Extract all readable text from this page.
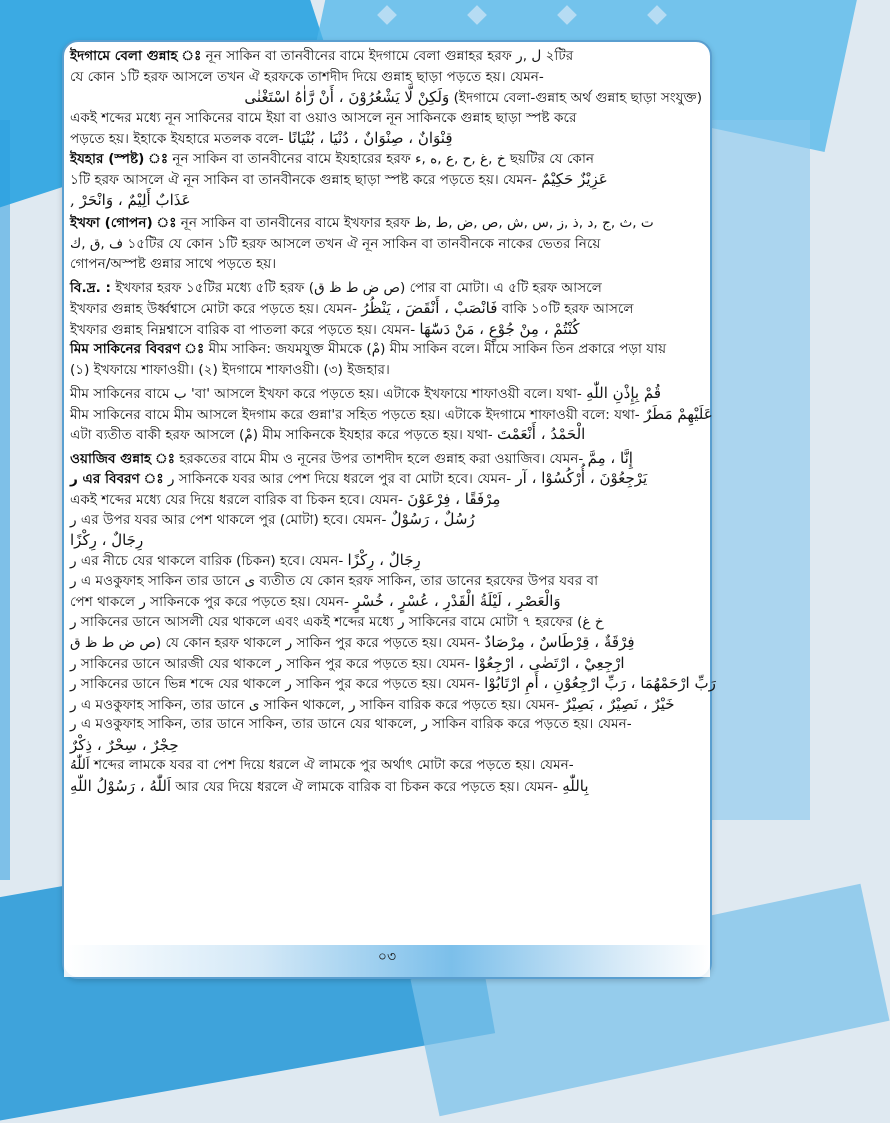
ইদগামে বেলা গুন্নাহ ঃ নূন সাকিন বা তানবীনের বামে ইদগামে বেলা গুন্নাহর হরফ ل ,ر ২টির
যে কোন ১টি হরফ আসলে তখন ঐ হরফকে তাশদীদ দিয়ে গুন্নাহ ছাড়া পড়তে হয়। যেমন-
وَلَكِنْ لَّا يَشْعُرُوْنَ ، أَنْ رَّاٰهُ اسْتَغْنٰى (ইদগামে বেলা-গুন্নাহ অর্থ গুন্নাহ ছাড়া সংযুক্ত)
একই শব্দের মধ্যে নূন সাকিনের বামে ইয়া বা ওয়াও আসলে নূন সাকিনকে গুন্নাহ ছাড়া স্পষ্ট করে
পড়তে হয়। ইহাকে ইযহারে মতলক বলে- قِنْوَانٌ ، صِنْوَانٌ ، دُنْيَا ، بُنْيَانًا
ইযহার (স্পষ্ট) ঃ নূন সাকিন বা তানবীনের বামে ইযহারের হরফ خ ,غ ,ح ,ع ,ه ,ء ছয়টির যে কোন
১টি হরফ আসলে ঐ নূন সাকিন বা তানবীনকে গুন্নাহ ছাড়া স্পষ্ট করে পড়তে হয়। যেমন- عَزِيْزٌ حَكِيْمٌ
عَذَابٌ أَلِيْمٌ ، وَانْحَرْ ,
ইখফা (গোপন) ঃ নূন সাকিন বা তানবীনের বামে ইখফার হরফ ت ,ث ,ج ,د ,ذ ,ز ,س ,ش ,ص ,ض ,ط ,ظ
ف ,ق ,ك ১৫টির যে কোন ১টি হরফ আসলে তখন ঐ নূন সাকিন বা তানবীনকে নাকের ভেতর নিয়ে
গোপন/অস্পষ্ট গুন্নার সাথে পড়তে হয়।
বি.দ্র. : ইখফার হরফ ১৫টির মধ্যে ৫টি হরফ (ص ض ط ظ ق) পোর বা মোটা। এ ৫টি হরফ আসলে
ইখফার গুন্নাহ উর্ধ্বশ্বাসে মোটা করে পড়তে হয়। যেমন- فَانْصَبْ ، أَنْقَضَ ، يَنْظُرُ বাকি ১০টি হরফ আসলে
ইখফার গুন্নাহ নিম্নশ্বাসে বারিক বা পাতলা করে পড়তে হয়। যেমন- كُنْتُمْ ، مِنْ جُوْعٍ ، مَنْ دَسّٰهَا
মিম সাকিনের বিবরণ ঃ মীম সাকিন: জযমযুক্ত মীমকে (مْ) মীম সাকিন বলে। মীমে সাকিন তিন প্রকারে পড়া যায়
(১) ইখফায়ে শাফাওয়ী। (২) ইদগামে শাফাওয়ী। (৩) ইজহার।
মীম সাকিনের বামে ب 'বা' আসলে ইখফা করে পড়তে হয়। এটাকে ইখফায়ে শাফাওয়ী বলে। যথা- قُمْ بِإِذْنِ اللّٰهِ
মীম সাকিনের বামে মীম আসলে ইদগাম করে গুন্না'র সহিত পড়তে হয়। এটাকে ইদগামে শাফাওয়ী বলে: যথা- عَلَيْهِمْ مَطَرٌ
এটা ব্যতীত বাকী হরফ আসলে (مْ) মীম সাকিনকে ইযহার করে পড়তে হয়। যথা- الْحَمْدُ ، أَنْعَمْتَ
ওয়াজিব গুন্নাহ ঃ হরকতের বামে মীম ও নূনের উপর তাশদীদ হলে গুন্নাহ করা ওয়াজিব। যেমন- إِنَّا ، مِمَّ
ر এর বিবরণ ঃ ر সাকিনকে যবর আর পেশ দিয়ে ধরলে পুর বা মোটা হবে। যেমন- يَرْجِعُوْنَ ، أُرْكُسُوْا ، آر
একই শব্দের মধ্যে যের দিয়ে ধরলে বারিক বা চিকন হবে। যেমন- مِرْفَقًا ، فِرْعَوْنَ
ر এর উপর যবর আর পেশ থাকলে পুর (মোটা) হবে। যেমন- رُسُلٌ ، رَسُوْلٌ
رِجَالٌ ، رِكْزًا
ر এর নীচে যের থাকলে বারিক (চিকন) হবে। যেমন- رِجَالٌ ، رِكْزًا
ر এ মওকুফাহ সাকিন তার ডানে ى ব্যতীত যে কোন হরফ সাকিন, তার ডানের হরফের উপর যবর বা
পেশ থাকলে ر সাকিনকে পুর করে পড়তে হয়। যেমন- وَالْعَصْرِ ، لَيْلَةُ الْقَدْرِ ، عُسْرٍ ، خُسْرٍ
ر সাকিনের ডানে আসলী যের থাকলে এবং একই শব্দের মধ্যে ر সাকিনের বামে মোটা ৭ হরফের (خ غ
ص ض ط ظ ق) যে কোন হরফ থাকলে ر সাকিন পুর করে পড়তে হয়। যেমন- فِرْقَةٌ ، قِرْطَاسٌ ، مِرْصَادٌ
ر সাকিনের ডানে আরজী যের থাকলে ر সাকিন পুর করে পড়তে হয়। যেমন- ارْجِعِيْ ، ارْتَضٰى ، ارْجِعُوْا
ر সাকিনের ডানে ভিন্ন শব্দে যের থাকলে ر সাকিন পুর করে পড়তে হয়। যেমন- رَبِّ ارْحَمْهُمَا ، رَبِّ ارْجِعُوْنِ ، أَمِ ارْتَابُوْا
ر এ মওকুফাহ সাকিন, তার ডানে ى সাকিন থাকলে, ر সাকিন বারিক করে পড়তে হয়। যেমন- خَيْرٌ ، نَصِيْرٌ ، بَصِيْرٌ
ر এ মওকুফাহ সাকিন, তার ডানে সাকিন, তার ডানে যের থাকলে, ر সাকিন বারিক করে পড়তে হয়। যেমন-
حِجْرٌ ، سِحْرٌ ، ذِكْرٌ
اَللّٰهُ শব্দের লামকে যবর বা পেশ দিয়ে ধরলে ঐ লামকে পুর অর্থাৎ মোটা করে পড়তে হয়। যেমন-
اَللّٰهُ ، رَسُوْلُ اللّٰهِ আর যের দিয়ে ধরলে ঐ লামকে বারিক বা চিকন করে পড়তে হয়। যেমন- بِاللّٰهِ
০৩
